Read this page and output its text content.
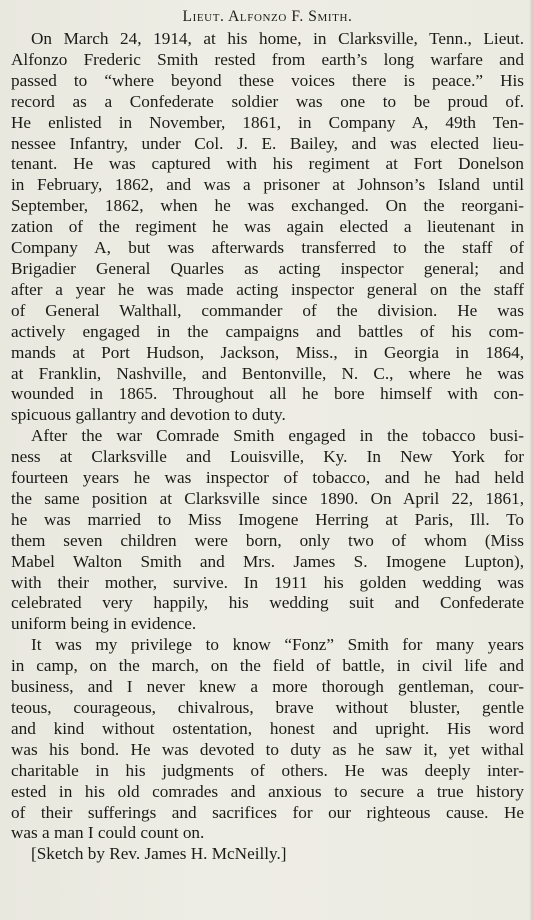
Lieut. Alfonzo F. Smith.

On March 24, 1914, at his home, in Clarksville, Tenn., Lieut.
Alfonzo Frederic Smith rested from earth’s long warfare and
passed to “where beyond these voices there is peace.” His
record as a Confederate soldier was one to be proud of.
He enlisted in November, 1861, in Company A, 49th Ten-
nessee Infantry, under Col. J. E. Bailey, and was elected lieu-
tenant. He was captured with his regiment at Fort Donelson
in February, 1862, and was a prisoner at Johnson’s Island until
September, 1862, when he was exchanged. On the reorgani-
zation of the regiment he was again elected a lieutenant in
Company A, but was afterwards transferred to the staff of
Brigadier General Quarles as acting inspector general; and
after a year he was made acting inspector general on the staff
of General Walthall, commander of the division. He was
actively engaged in the campaigns and battles of his com-
mands at Port Hudson, Jackson, Miss., in Georgia in 1864,
at Franklin, Nashville, and Bentonville, N. C., where he was
wounded in 1865. Throughout all he bore himself with con-
spicuous gallantry and devotion to duty.

After the war Comrade Smith engaged in the tobacco busi-
ness at Clarksville and Louisville, Ky. In New York for
fourteen years he was inspector of tobacco, and he had held
the same position at Clarksville since 1890. On April 22, 1861,
he was married to Miss Imogene Herring at Paris, Ill. To
them seven children were born, only two of whom (Miss
Mabel Walton Smith and Mrs. James S. Imogene Lupton),
with their mother, survive. In 1911 his golden wedding was
celebrated very happily, his wedding suit and Confederate
uniform being in evidence.

It was my privilege to know “Fonz” Smith for many years
in camp, on the march, on the field of battle, in civil life and
business, and I never knew a more thorough gentleman, cour-
teous, courageous, chivalrous, brave without bluster, gentle
and kind without ostentation, honest and upright. His word
was his bond. He was devoted to duty as he saw it, yet withal
charitable in his judgments of others. He was deeply inter-
ested in his old comrades and anxious to secure a true history
of their sufferings and sacrifices for our righteous cause. He
was a man I could count on.

[Sketch by Rev. James H. McNeilly.]
